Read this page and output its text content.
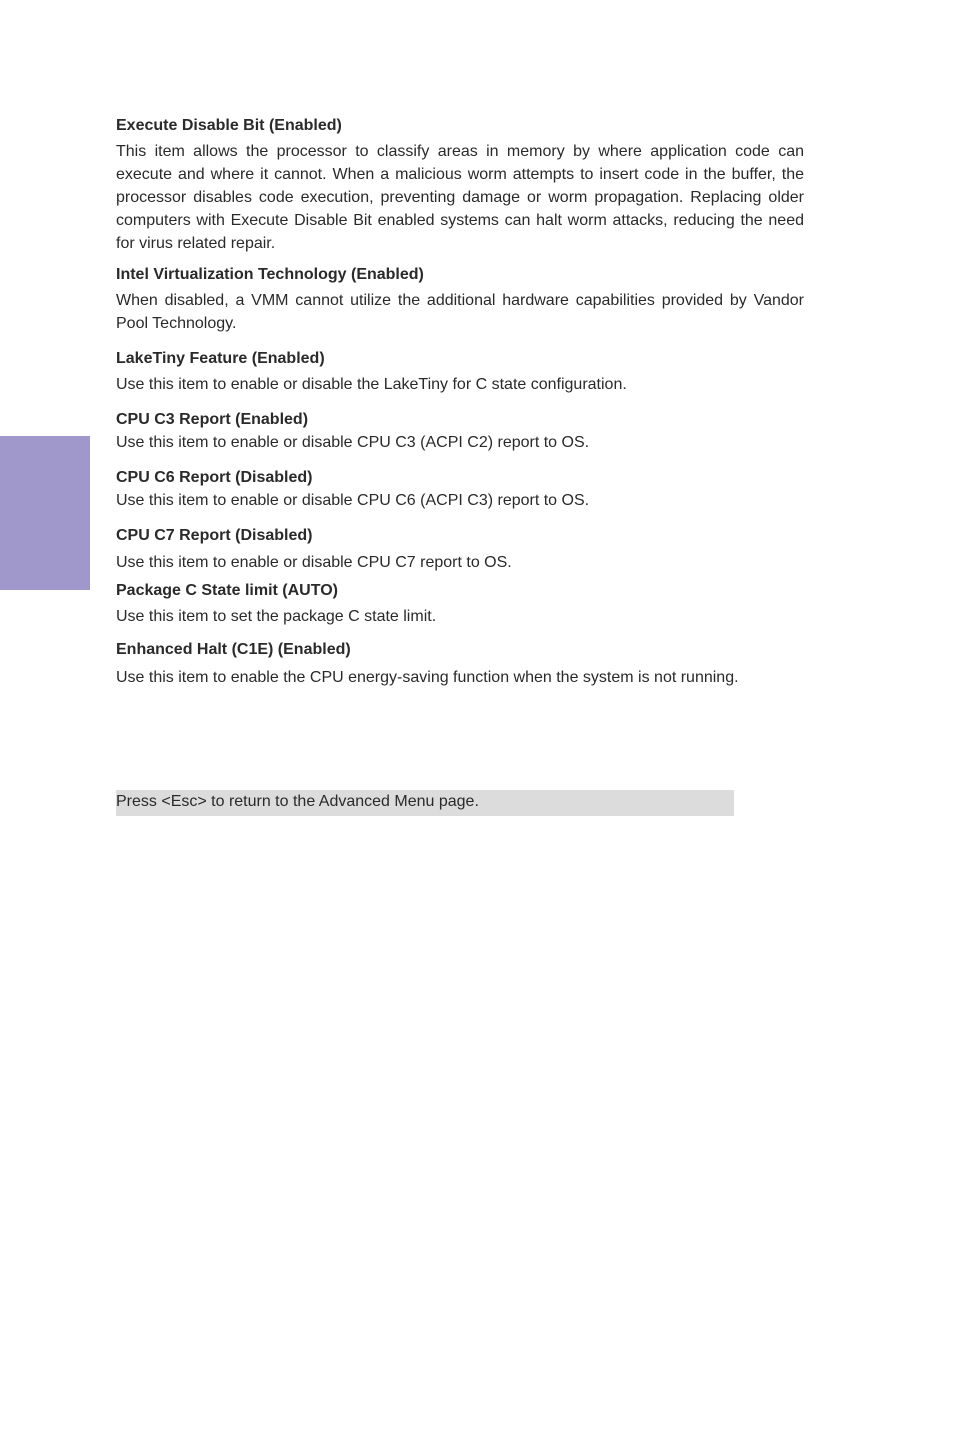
Execute Disable Bit (Enabled)

This item allows the processor to classify areas in memory by where application code can execute and where it cannot. When a malicious worm attempts to insert code in the buffer, the processor disables code execution, preventing damage or worm propagation. Replacing older computers with Execute Disable Bit enabled systems can halt worm attacks, reducing the need for virus related repair.

Intel Virtualization Technology (Enabled)

When disabled, a VMM cannot utilize the additional hardware capabilities provided by Vandor Pool Technology.

LakeTiny Feature (Enabled)

Use this item to enable or disable the LakeTiny for C state configuration.

CPU C3 Report (Enabled)

Use this item to enable or disable CPU C3 (ACPI C2) report to OS.

CPU C6 Report (Disabled)

Use this item to enable or disable CPU C6 (ACPI C3) report to OS.

CPU C7 Report (Disabled)

Use this item to enable or disable CPU C7 report to OS.

Package C State limit (AUTO)

Use this item to set the package C state limit.

Enhanced Halt (C1E) (Enabled)

Use this item to enable the CPU energy-saving function when the system is not running.

Press <Esc> to return to the Advanced Menu page.
